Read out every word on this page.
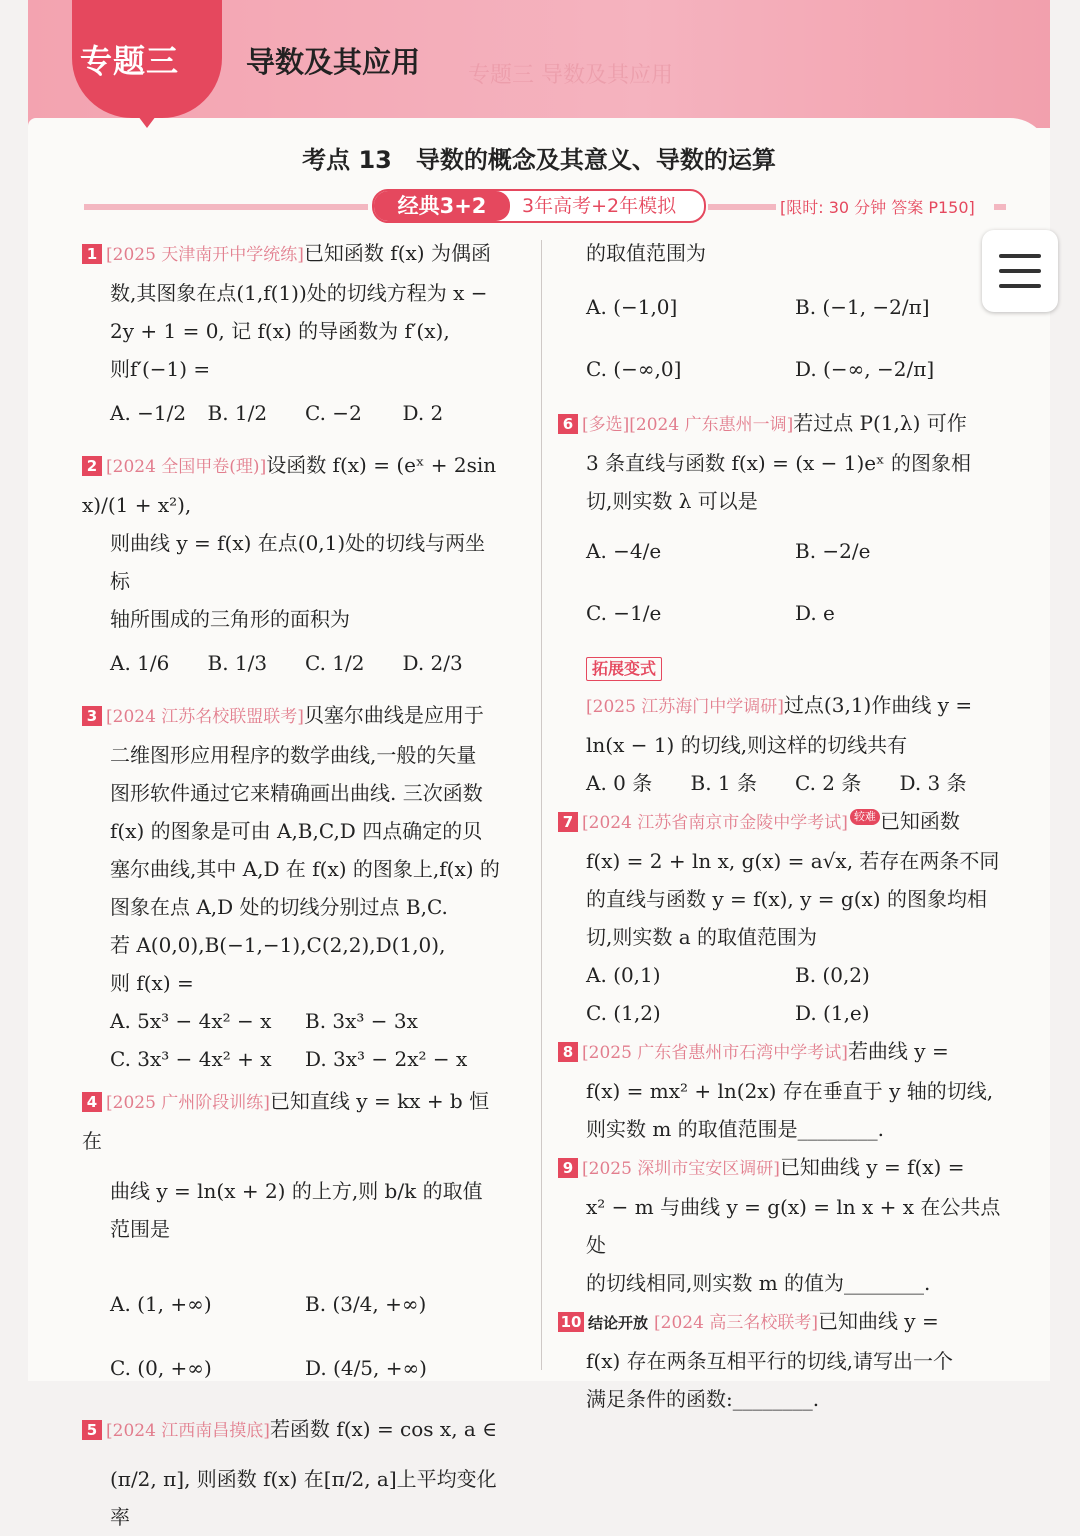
专题三 导数及其应用
专题三 导数及其应用
考点 13 导数的概念及其意义、导数的运算
经典3+2	3年高考+2年模拟	[限时: 30 分钟 答案 P150]
1 [2025 天津南开中学统练]已知函数 f(x) 为偶函
数,其图象在点(1,f(1))处的切线方程为 x −
2y + 1 = 0, 记 f(x) 的导函数为 f′(x),
则f′(−1) =
A. −1/2	B. 1/2	C. −2	D. 2
2 [2024 全国甲卷(理)]设函数 f(x) = (eˣ + 2sin x)/(1 + x²),
则曲线 y = f(x) 在点(0,1)处的切线与两坐标
轴所围成的三角形的面积为
A. 1/6	B. 1/3	C. 1/2	D. 2/3
3 [2024 江苏名校联盟联考]贝塞尔曲线是应用于
二维图形应用程序的数学曲线,一般的矢量
图形软件通过它来精确画出曲线. 三次函数
f(x) 的图象是可由 A,B,C,D 四点确定的贝
塞尔曲线,其中 A,D 在 f(x) 的图象上,f(x) 的
图象在点 A,D 处的切线分别过点 B,C.
若 A(0,0),B(−1,−1),C(2,2),D(1,0),
则 f(x) =
A. 5x³ − 4x² − x	B. 3x³ − 3x
C. 3x³ − 4x² + x	D. 3x³ − 2x² − x
4 [2025 广州阶段训练]已知直线 y = kx + b 恒在
曲线 y = ln(x + 2) 的上方,则 b/k 的取值范围是
A. (1, +∞)	B. (3/4, +∞)
C. (0, +∞)	D. (4/5, +∞)
5 [2024 江西南昌摸底]若函数 f(x) = cos x, a ∈
(π/2, π], 则函数 f(x) 在[π/2, a]上平均变化率
的取值范围为
A. (−1,0]	B. (−1, −2/π]
C. (−∞,0]	D. (−∞, −2/π]
6 [多选][2024 广东惠州一调]若过点 P(1,λ) 可作
3 条直线与函数 f(x) = (x − 1)eˣ 的图象相
切,则实数 λ 可以是
A. −4/e	B. −2/e
C. −1/e	D. e
拓展变式
[2025 江苏海门中学调研]过点(3,1)作曲线 y =
ln(x − 1) 的切线,则这样的切线共有
A. 0 条	B. 1 条	C. 2 条	D. 3 条
7 [2024 江苏省南京市金陵中学考试] 较难 已知函数
f(x) = 2 + ln x, g(x) = a√x, 若存在两条不同
的直线与函数 y = f(x), y = g(x) 的图象均相
切,则实数 a 的取值范围为
A. (0,1)	B. (0,2)
C. (1,2)	D. (1,e)
8 [2025 广东省惠州市石湾中学考试]若曲线 y =
f(x) = mx² + ln(2x) 存在垂直于 y 轴的切线,
则实数 m 的取值范围是________.
9 [2025 深圳市宝安区调研]已知曲线 y = f(x) =
x² − m 与曲线 y = g(x) = ln x + x 在公共点处
的切线相同,则实数 m 的值为________.
10 结论开放 [2024 高三名校联考]已知曲线 y =
f(x) 存在两条互相平行的切线,请写出一个
满足条件的函数:________.
